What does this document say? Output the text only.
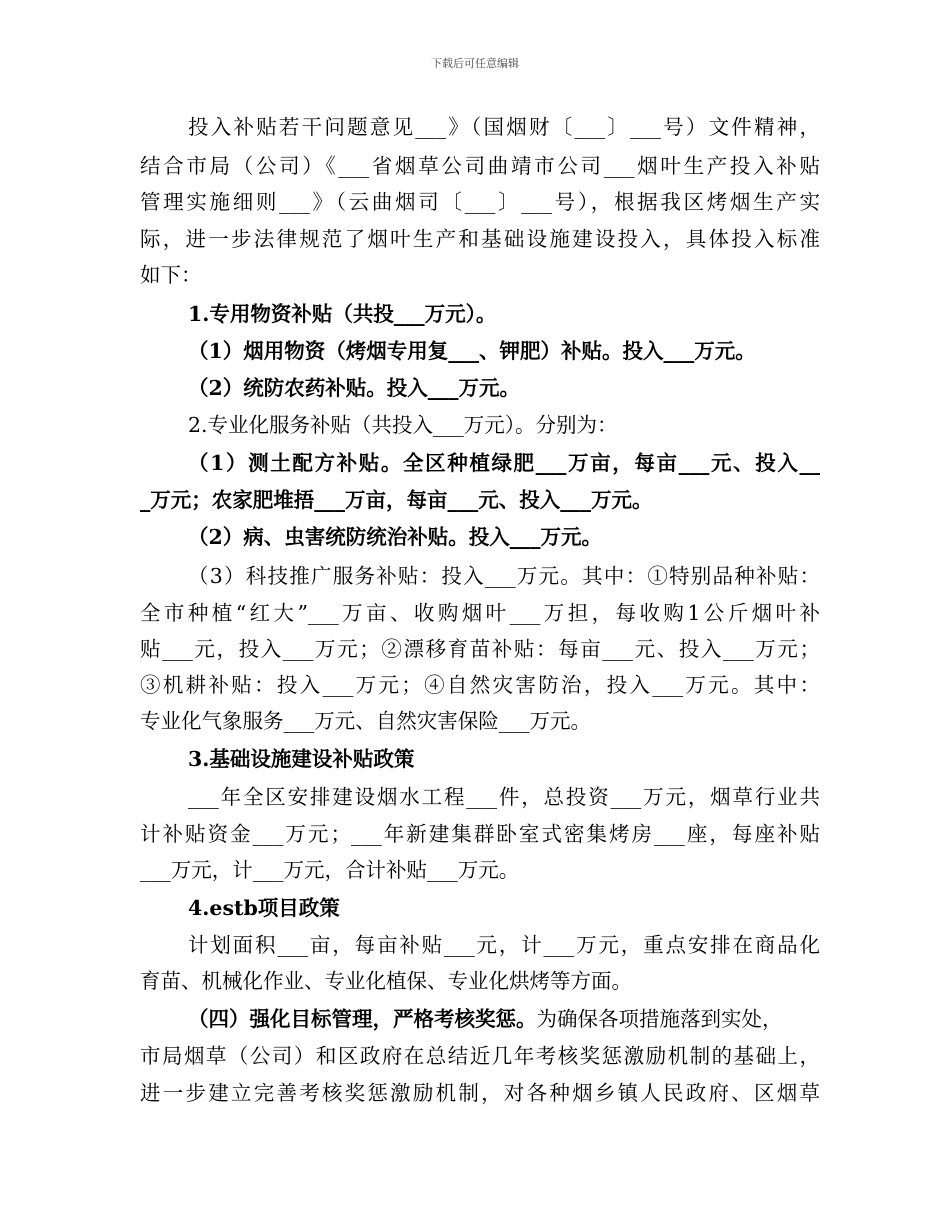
下载后可任意编辑
投入补贴若干问题意见___》（国烟财〔___〕___号）文件精神，
结合市局（公司）《___省烟草公司曲靖市公司___烟叶生产投入补贴
管理实施细则___》（云曲烟司〔___〕___号），根据我区烤烟生产实
际，进一步法律规范了烟叶生产和基础设施建设投入，具体投入标准
如下：
1.专用物资补贴（共投___万元）。
（1）烟用物资（烤烟专用复___、钾肥）补贴。投入___万元。
（2）统防农药补贴。投入___万元。
2.专业化服务补贴（共投入___万元）。分别为：
（1）测土配方补贴。全区种植绿肥___万亩，每亩___元、投入__
_万元；农家肥堆捂___万亩，每亩___元、投入___万元。
（2）病、虫害统防统治补贴。投入___万元。
（3）科技推广服务补贴：投入___万元。其中：①特别品种补贴：
全市种植“红大”___万亩、收购烟叶___万担，每收购1公斤烟叶补
贴___元，投入___万元；②漂移育苗补贴：每亩___元、投入___万元；
③机耕补贴：投入___万元；④自然灾害防治，投入___万元。其中：
专业化气象服务___万元、自然灾害保险___万元。
3.基础设施建设补贴政策
___年全区安排建设烟水工程___件，总投资___万元，烟草行业共
计补贴资金___万元；___年新建集群卧室式密集烤房___座，每座补贴
___万元，计___万元，合计补贴___万元。
4.estb项目政策
计划面积___亩，每亩补贴___元，计___万元，重点安排在商品化
育苗、机械化作业、专业化植保、专业化烘烤等方面。
（四）强化目标管理，严格考核奖惩。为确保各项措施落到实处，
市局烟草（公司）和区政府在总结近几年考核奖惩激励机制的基础上，
进一步建立完善考核奖惩激励机制，对各种烟乡镇人民政府、区烟草
